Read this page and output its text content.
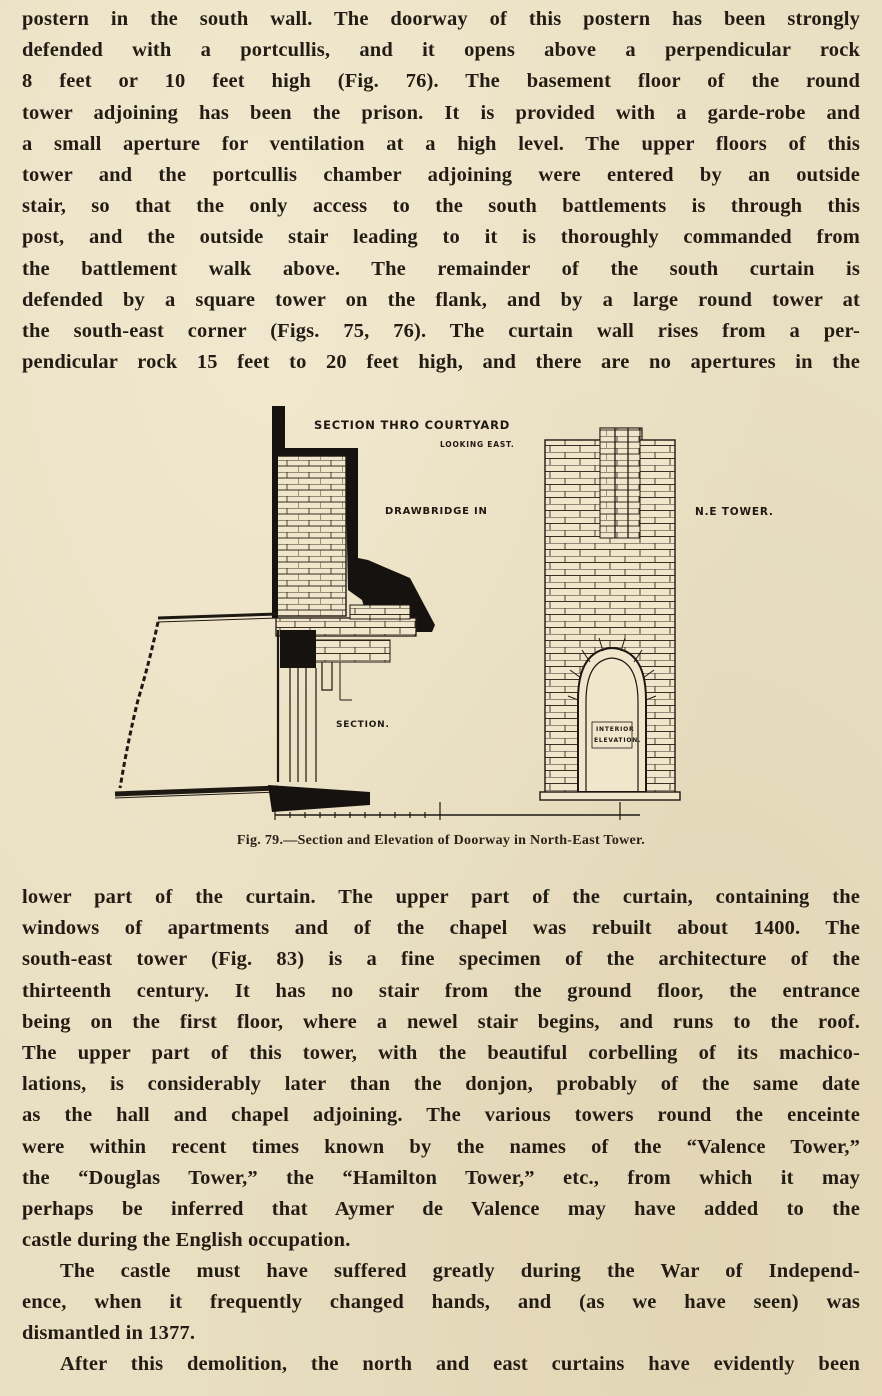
postern in the south wall. The doorway of this postern has been strongly
defended with a portcullis, and it opens above a perpendicular rock
8 feet or 10 feet high (Fig. 76). The basement floor of the round
tower adjoining has been the prison. It is provided with a garde-robe and
a small aperture for ventilation at a high level. The upper floors of this
tower and the portcullis chamber adjoining were entered by an outside
stair, so that the only access to the south battlements is through this
post, and the outside stair leading to it is thoroughly commanded from
the battlement walk above. The remainder of the south curtain is
defended by a square tower on the flank, and by a large round tower at
the south-east corner (Figs. 75, 76). The curtain wall rises from a per-
pendicular rock 15 feet to 20 feet high, and there are no apertures in the

SECTION THRO COURTYARD
LOOKING EAST.
DRAWBRIDGE IN	N.E TOWER.
SECTION.	INTERIOR
ELEVATION.
Fig. 79.—Section and Elevation of Doorway in North-East Tower.

lower part of the curtain. The upper part of the curtain, containing the
windows of apartments and of the chapel was rebuilt about 1400. The
south-east tower (Fig. 83) is a fine specimen of the architecture of the
thirteenth century. It has no stair from the ground floor, the entrance
being on the first floor, where a newel stair begins, and runs to the roof.
The upper part of this tower, with the beautiful corbelling of its machico-
lations, is considerably later than the donjon, probably of the same date
as the hall and chapel adjoining. The various towers round the enceinte
were within recent times known by the names of the “Valence Tower,”
the “Douglas Tower,” the “Hamilton Tower,” etc., from which it may
perhaps be inferred that Aymer de Valence may have added to the
castle during the English occupation.

The castle must have suffered greatly during the War of Independ-
ence, when it frequently changed hands, and (as we have seen) was
dismantled in 1377.

After this demolition, the north and east curtains have evidently been
